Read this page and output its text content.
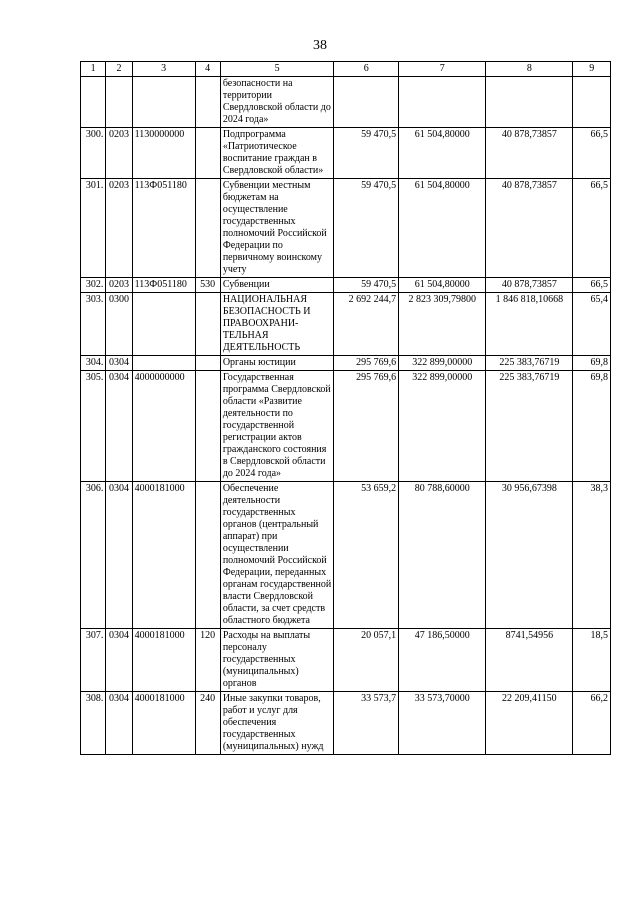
38
1	2	3	4	5	6	7	8	9
				безопасности на территории Свердловской области до 2024 года»				
300.	0203	1130000000		Подпрограмма «Патриотическое воспитание граждан в Свердловской области»	59 470,5	61 504,80000	40 878,73857	66,5
301.	0203	113Ф051180		Субвенции местным бюджетам на осуществление государственных полномочий Российской Федерации по первичному воинскому учету	59 470,5	61 504,80000	40 878,73857	66,5
302.	0203	113Ф051180	530	Субвенции	59 470,5	61 504,80000	40 878,73857	66,5
303.	0300			НАЦИОНАЛЬНАЯ БЕЗОПАСНОСТЬ И ПРАВООХРАНИ-ТЕЛЬНАЯ ДЕЯТЕЛЬНОСТЬ	2 692 244,7	2 823 309,79800	1 846 818,10668	65,4
304.	0304			Органы юстиции	295 769,6	322 899,00000	225 383,76719	69,8
305.	0304	4000000000		Государственная программа Свердловской области «Развитие деятельности по государственной регистрации актов гражданского состояния в Свердловской области до 2024 года»	295 769,6	322 899,00000	225 383,76719	69,8
306.	0304	4000181000		Обеспечение деятельности государственных органов (центральный аппарат) при осуществлении полномочий Российской Федерации, переданных органам государственной власти Свердловской области, за счет средств областного бюджета	53 659,2	80 788,60000	30 956,67398	38,3
307.	0304	4000181000	120	Расходы на выплаты персоналу государственных (муниципальных) органов	20 057,1	47 186,50000	8741,54956	18,5
308.	0304	4000181000	240	Иные закупки товаров, работ и услуг для обеспечения государственных (муниципальных) нужд	33 573,7	33 573,70000	22 209,41150	66,2
